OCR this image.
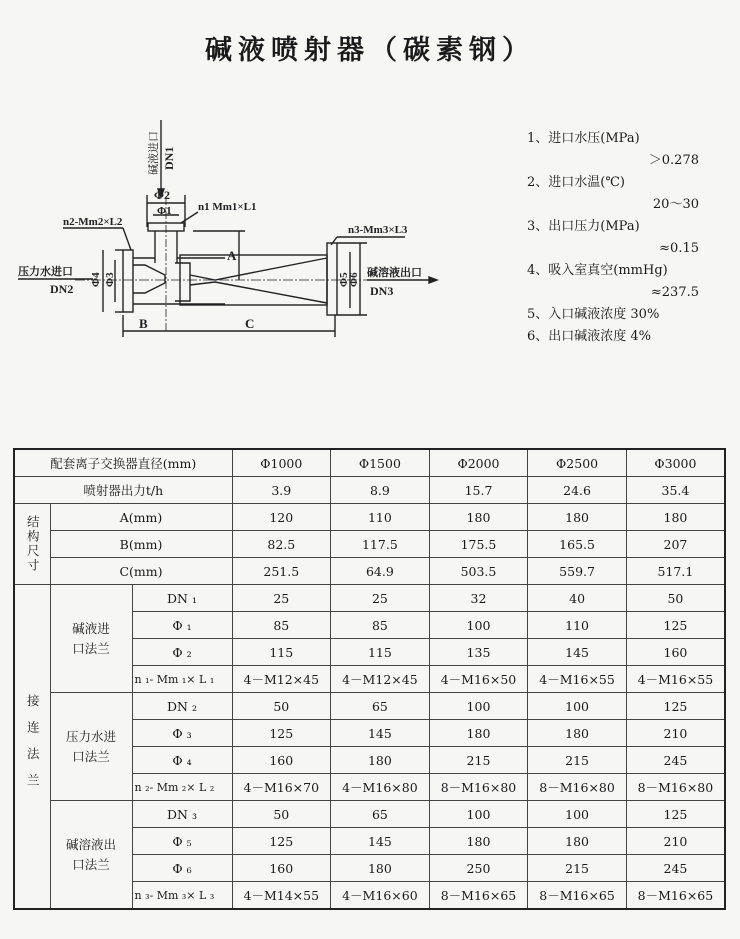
碱液喷射器（碳素钢）
碱液进口 DN1
Φ2
Φ1 n1 Mm1×L1
n2-Mm2×L2
Φ4 Φ3
压力水进口
DN2
A
n3-Mm3×L3
Φ5
Φ6 碱溶液出口
DN3
B	C
1、进口水压(MPa)
＞0.278
2、进口水温(℃)
20～30
3、出口压力(MPa)
≈0.15
4、吸入室真空(mmHg)
≈237.5
5、入口碱液浓度 30%
6、出口碱液浓度 4%
配套离子交换器直径(mm)			Φ1000	Φ1500	Φ2000	Φ2500	Φ3000
喷射器出力t/h			3.9	8.9	15.7	24.6	35.4
结构尺寸	A(mm)		120	110	180	180	180
	B(mm)		82.5	117.5	175.5	165.5	207
	C(mm)		251.5	64.9	503.5	559.7	517.1
接连法兰	碱液进
口法兰	DN ₁	25	25	32	40	50
		Φ ₁	85	85	100	110	125
		Φ ₂	115	115	135	145	160
		n ₁- Mm ₁× L ₁	4－M12×45	4－M12×45	4－M16×50	4－M16×55	4－M16×55
	压力水进
口法兰	DN ₂	50	65	100	100	125
		Φ ₃	125	145	180	180	210
		Φ ₄	160	180	215	215	245
		n ₂- Mm ₂× L ₂	4－M16×70	4－M16×80	8－M16×80	8－M16×80	8－M16×80
	碱溶液出
口法兰	DN ₃	50	65	100	100	125
		Φ ₅	125	145	180	180	210
		Φ ₆	160	180	250	215	245
		n ₃- Mm ₃× L ₃	4－M14×55	4－M16×60	8－M16×65	8－M16×65	8－M16×65
